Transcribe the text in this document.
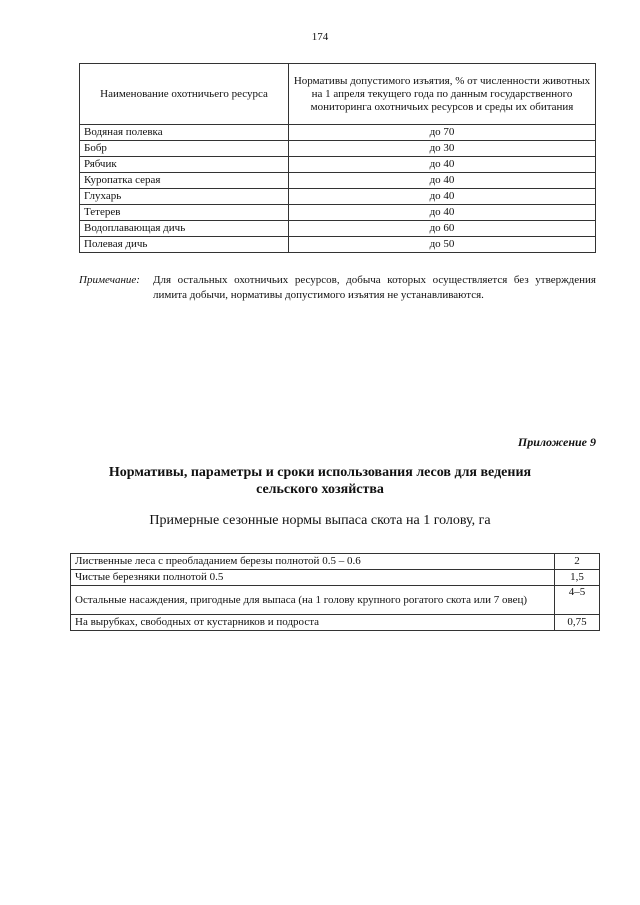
174
Наименование охотничьего ресурса	Нормативы допустимого изъятия, % от численности животных на 1 апреля текущего года по данным государственного мониторинга охотничьих ресурсов и среды их обитания
Водяная полевка	до 70
Бобр	до 30
Рябчик	до 40
Куропатка серая	до 40
Глухарь	до 40
Тетерев	до 40
Водоплавающая дичь	до 60
Полевая дичь	до 50
Примечание: Для остальных охотничьих ресурсов, добыча которых осуществляется без утверждения лимита добычи, нормативы допустимого изъятия не устанавливаются.
Приложение 9
Нормативы, параметры и сроки использования лесов для ведения сельского хозяйства
Примерные сезонные нормы выпаса скота на 1 голову, га
Лиственные леса с преобладанием березы полнотой 0.5 – 0.6	2
Чистые березняки полнотой 0.5	1,5
Остальные насаждения, пригодные для выпаса (на 1 голову крупного рогатого скота или 7 овец)	4–5
На вырубках, свободных от кустарников и подроста	0,75
